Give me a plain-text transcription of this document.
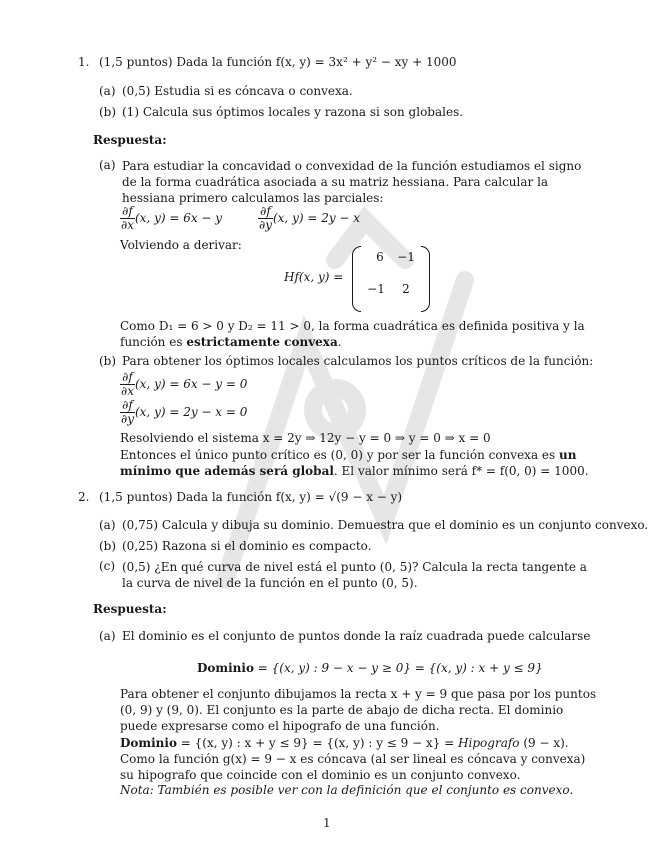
1. (1,5 puntos) Dada la función f(x, y) = 3x² + y² − xy + 1000
(a) (0,5) Estudia si es cóncava o convexa.
(b) (1) Calcula sus óptimos locales y razona si son globales.
Respuesta:
(a) Para estudiar la concavidad o convexidad de la función estudiamos el signo de la forma cuadrática asociada a su matriz hessiana. Para calcular la hessiana primero calculamos las parciales:
$\frac{\partial f}{\partial x} (x$, y) = 6x − y	$\frac{\partial f}{\partial y} (x$, y) = 2y − x
Volviendo a derivar:
Hf(x, y) =
6	−1
−1	2
Como D₁ = 6 > 0 y D₂ = 11 > 0, la forma cuadrática es definida positiva y la función es estrictamente convexa.
(b) Para obtener los óptimos locales calculamos los puntos críticos de la función:
$\frac{\partial f}{\partial x} (x$, y) = 6x − y = 0
$\frac{\partial f}{\partial y} (x$, y) = 2y − x = 0
Resolviendo el sistema x = 2y ⇒ 12y − y = 0 ⇒ y = 0 ⇒ x = 0
Entonces el único punto crítico es (0, 0) y por ser la función convexa es un mínimo que además será global. El valor mínimo será f* = f(0, 0) = 1000.
2. (1,5 puntos) Dada la función f(x, y) = √(9 − x − y)
(a) (0,75) Calcula y dibuja su dominio. Demuestra que el dominio es un conjunto convexo.
(b) (0,25) Razona si el dominio es compacto.
(c) (0,5) ¿En qué curva de nivel está el punto (0, 5)? Calcula la recta tangente a la curva de nivel de la función en el punto (0, 5).
Respuesta:
(a) El dominio es el conjunto de puntos donde la raíz cuadrada puede calcularse
Dominio = {(x, y) : 9 − x − y ≥ 0} = {(x, y) : x + y ≤ 9}
Para obtener el conjunto dibujamos la recta x + y = 9 que pasa por los puntos (0, 9) y (9, 0). El conjunto es la parte de abajo de dicha recta. El dominio puede expresarse como el hipografo de una función.
Dominio = {(x, y) : x + y ≤ 9} = {(x, y) : y ≤ 9 − x} = Hipografo (9 − x). Como la función g(x) = 9 − x es cóncava (al ser lineal es cóncava y convexa) su hipografo que coincide con el dominio es un conjunto convexo.
Nota: También es posible ver con la definición que el conjunto es convexo.
1
